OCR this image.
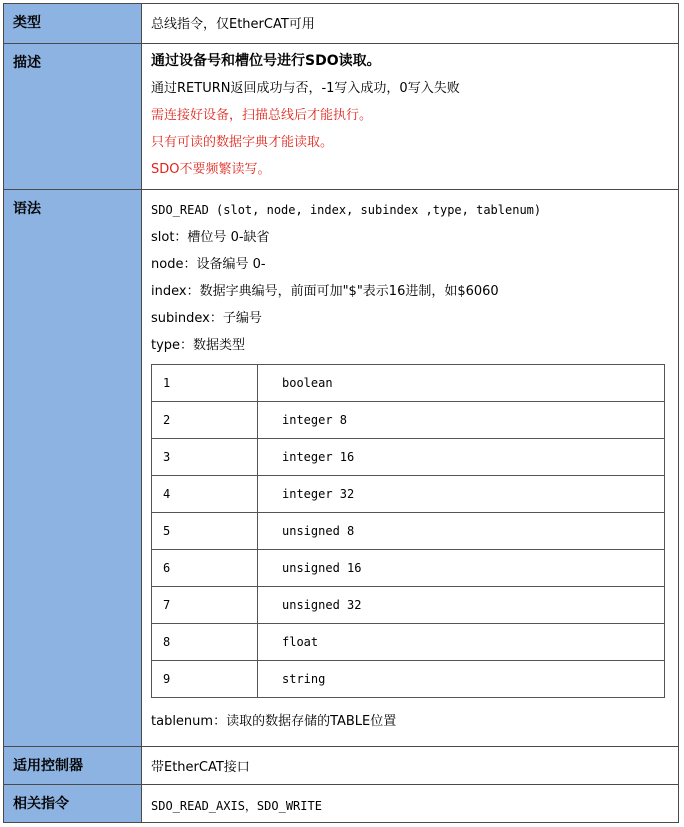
类型	总线指令，仅EtherCAT可用

描述	通过设备号和槽位号进行SDO读取。
通过RETURN返回成功与否，-1写入成功，0写入失败
需连接好设备，扫描总线后才能执行。
只有可读的数据字典才能读取。
SDO不要频繁读写。

语法	SDO_READ (slot, node, index, subindex ,type, tablenum)
slot：槽位号 0-缺省
node：设备编号 0-
index：数据字典编号，前面可加"$"表示16进制，如$6060
subindex：子编号
type：数据类型
1	boolean
2	integer 8
3	integer 16
4	integer 32
5	unsigned 8
6	unsigned 16
7	unsigned 32
8	float
9	string
tablenum：读取的数据存储的TABLE位置

适用控制器	带EtherCAT接口

相关指令	SDO_READ_AXIS，SDO_WRITE
